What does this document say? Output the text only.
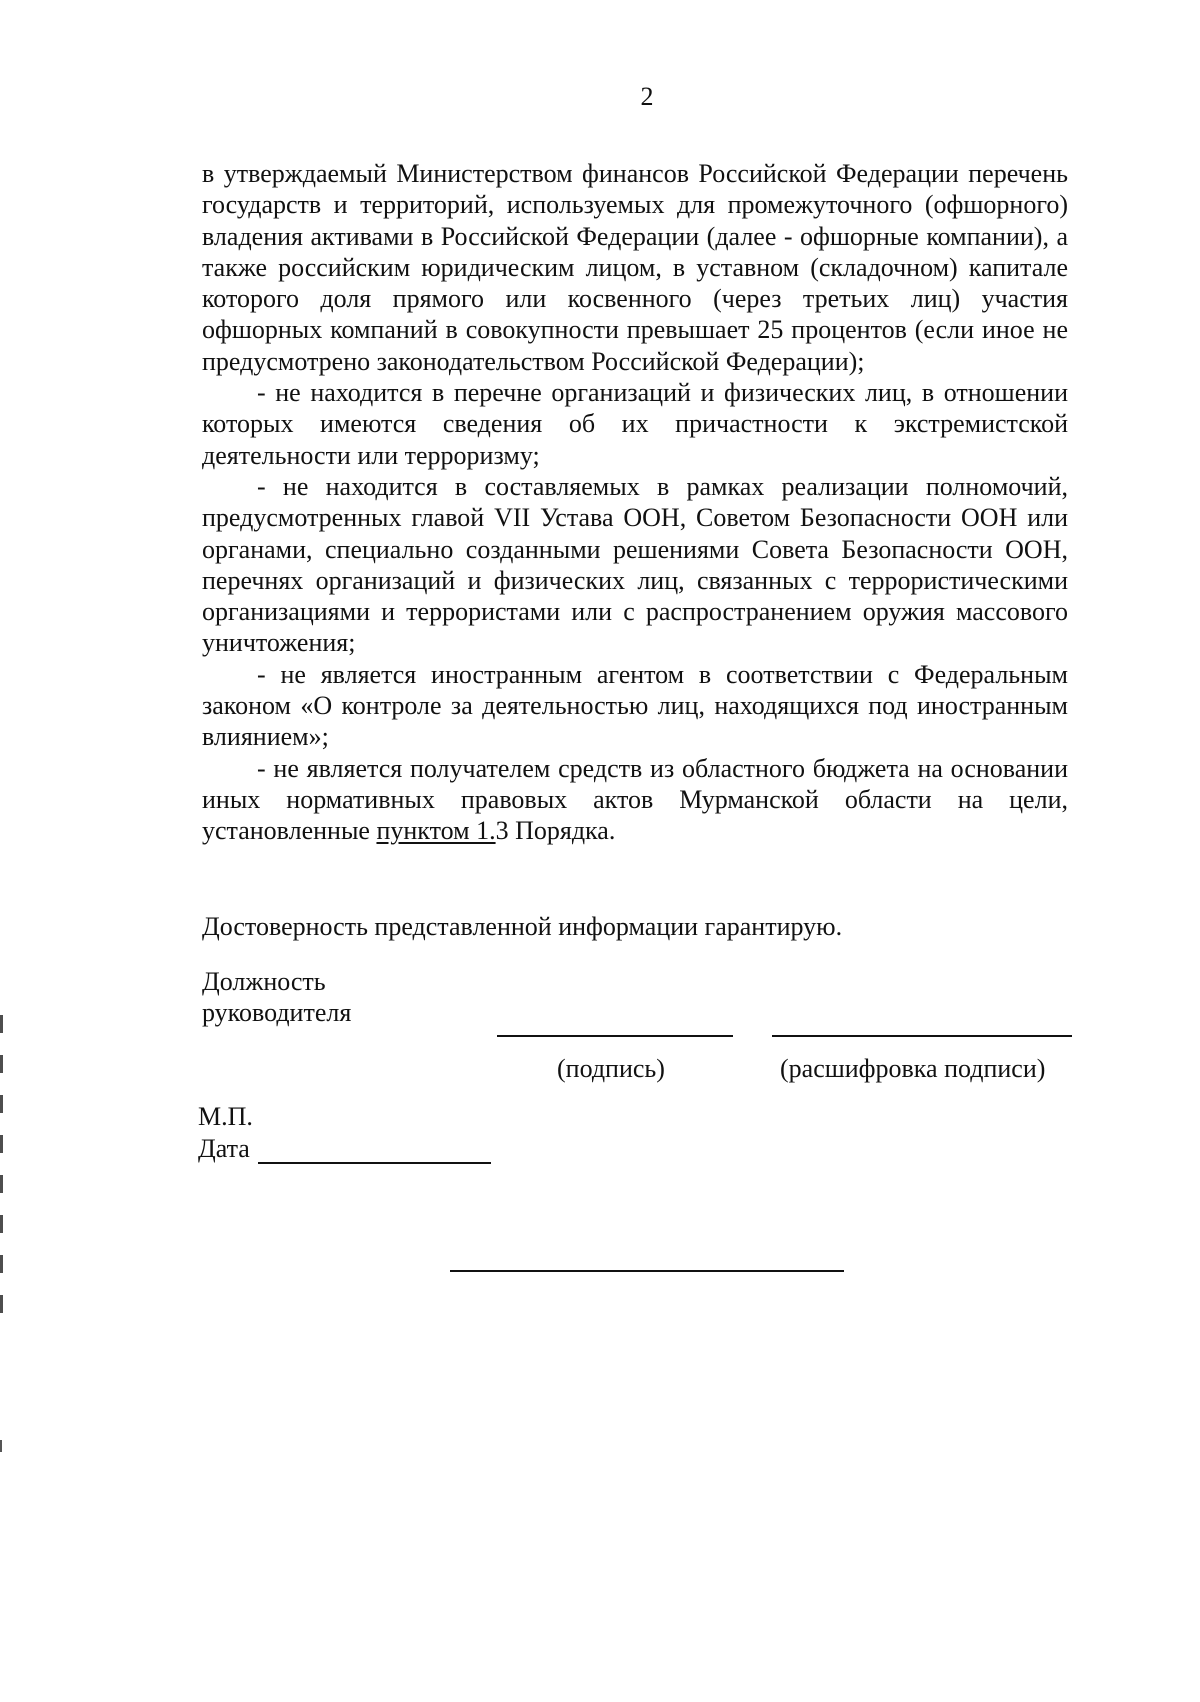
2

в утверждаемый Министерством финансов Российской Федерации перечень государств и территорий, используемых для промежуточного (офшорного) владения активами в Российской Федерации (далее - офшорные компании), а также российским юридическим лицом, в уставном (складочном) капитале которого доля прямого или косвенного (через третьих лиц) участия офшорных компаний в совокупности превышает 25 процентов (если иное не предусмотрено законодательством Российской Федерации);

- не находится в перечне организаций и физических лиц, в отношении которых имеются сведения об их причастности к экстремистской деятельности или терроризму;

- не находится в составляемых в рамках реализации полномочий, предусмотренных главой VII Устава ООН, Советом Безопасности ООН или органами, специально созданными решениями Совета Безопасности ООН, перечнях организаций и физических лиц, связанных с террористическими организациями и террористами или с распространением оружия массового уничтожения;

- не является иностранным агентом в соответствии с Федеральным законом «О контроле за деятельностью лиц, находящихся под иностранным влиянием»;

- не является получателем средств из областного бюджета на основании иных нормативных правовых актов Мурманской области на цели, установленные пунктом 1.3 Порядка.

Достоверность представленной информации гарантирую.
Должность
руководителя
(подпись)	(расшифровка подписи)
М.П.
Дата
